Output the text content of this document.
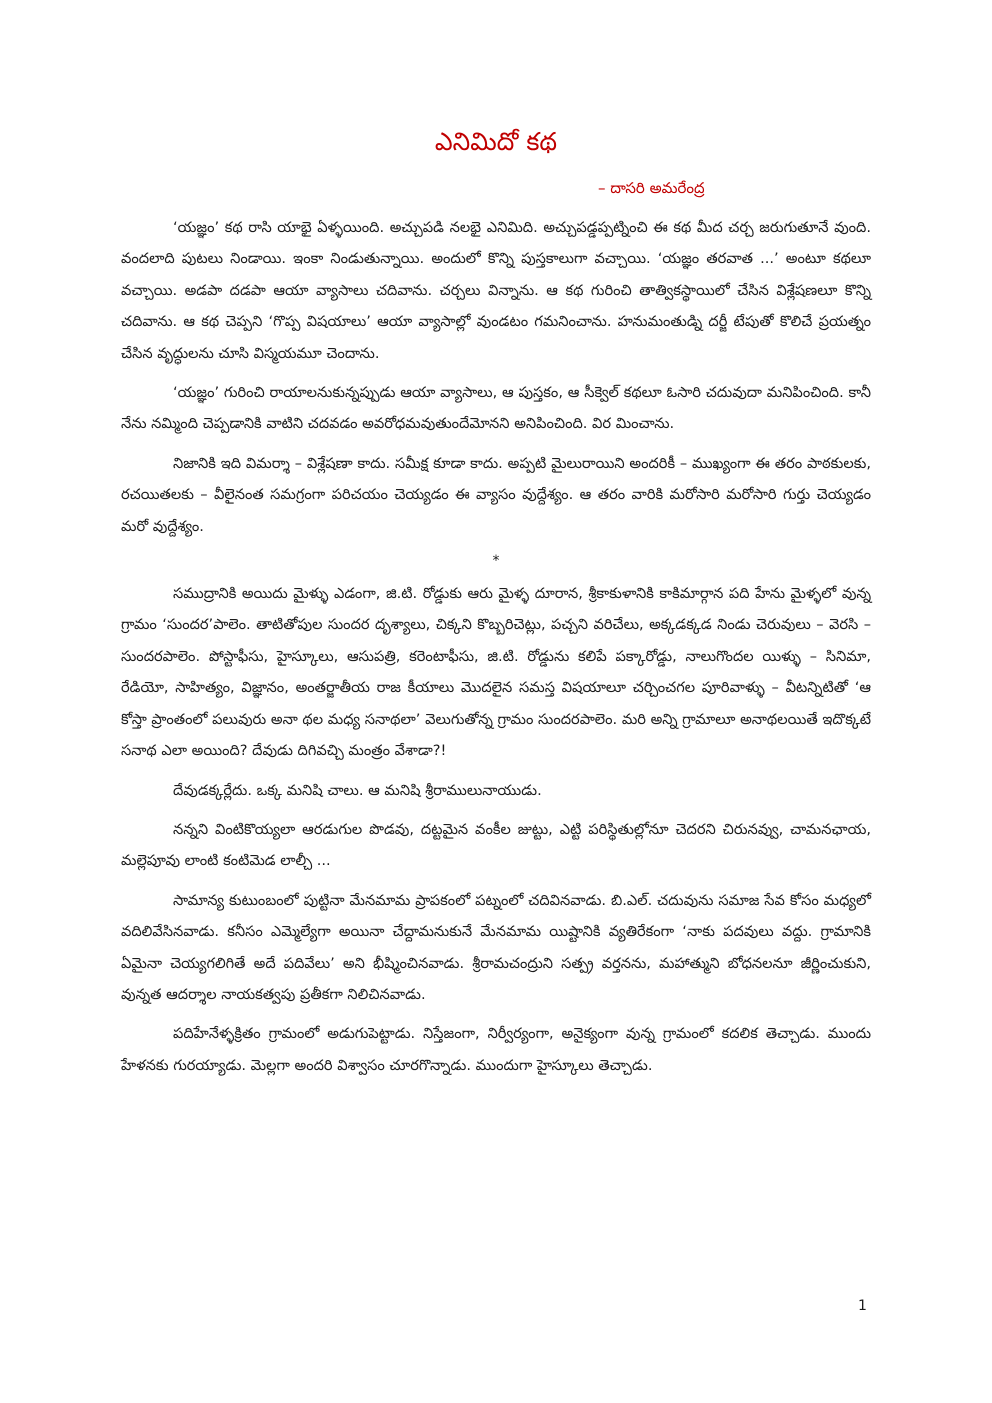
ఎనిమిదో కథ
– దాసరి అమరేంద్ర

‘యజ్ఞం’ కథ రాసి యాభై ఏళ్ళయింది. అచ్చుపడి నలభై ఎనిమిది. అచ్చుపడ్డప్పట్నించి ఈ కథ మీద చర్చ జరుగుతూనే వుంది. వందలాది పుటలు నిండాయి. ఇంకా నిండుతున్నాయి. అందులో కొన్ని పుస్తకాలుగా వచ్చాయి. ‘యజ్ఞం తరవాత ...’ అంటూ కథలూ వచ్చాయి. అడపా దడపా ఆయా వ్యాసాలు చదివాను. చర్చలు విన్నాను. ఆ కథ గురించి తాత్వికస్థాయిలో చేసిన విశ్లేషణలూ కొన్ని చదివాను. ఆ కథ చెప్పని ‘గొప్ప విషయాలు’ ఆయా వ్యాసాల్లో వుండటం గమనించాను. హనుమంతుడ్ని దర్జీ టేపుతో కొలిచే ప్రయత్నం చేసిన వృద్ధులను చూసి విస్మయమూ చెందాను.

‘యజ్ఞం’ గురించి రాయాలనుకున్నప్పుడు ఆయా వ్యాసాలు, ఆ పుస్తకం, ఆ సీక్వెల్ కథలూ ఓసారి చదువుదా మనిపించింది. కానీ నేను నమ్మింది చెప్పడానికి వాటిని చదవడం అవరోధమవుతుందేమోనని అనిపించింది. విర మించాను.

నిజానికి ఇది విమర్శా – విశ్లేషణా కాదు. సమీక్ష కూడా కాదు. అప్పటి మైలురాయిని అందరికీ – ముఖ్యంగా ఈ తరం పాఠకులకు, రచయితలకు – వీలైనంత సమగ్రంగా పరిచయం చెయ్యడం ఈ వ్యాసం వుద్దేశ్యం. ఆ తరం వారికి మరోసారి మరోసారి గుర్తు చెయ్యడం మరో వుద్దేశ్యం.

*

సముద్రానికి అయిదు మైళ్ళు ఎడంగా, జి.టి. రోడ్డుకు ఆరు మైళ్ళ దూరాన, శ్రీకాకుళానికి కాకిమార్గాన పది హేను మైళ్ళలో వున్న గ్రామం ‘సుందర’పాలెం. తాటితోపుల సుందర దృశ్యాలు, చిక్కని కొబ్బరిచెట్లు, పచ్చని వరిచేలు, అక్కడక్కడ నిండు చెరువులు – వెరసి – సుందరపాలెం. పోస్టాఫీసు, హైస్కూలు, ఆసుపత్రి, కరెంటాఫీసు, జి.టి. రోడ్డును కలిపే పక్కారోడ్డు, నాలుగొందల యిళ్ళు – సినిమా, రేడియో, సాహిత్యం, విజ్ఞానం, అంతర్జాతీయ రాజ కీయాలు మొదలైన సమస్త విషయాలూ చర్చించగల పూరివాళ్ళు – వీటన్నిటితో ‘ఆ కోస్తా ప్రాంతంలో పలువురు అనా థల మధ్య సనాథలా’ వెలుగుతోన్న గ్రామం సుందరపాలెం. మరి అన్ని గ్రామాలూ అనాథలయితే ఇదొక్కటే సనాథ ఎలా అయింది? దేవుడు దిగివచ్చి మంత్రం వేశాడా?!

దేవుడక్కర్లేదు. ఒక్క మనిషి చాలు. ఆ మనిషి శ్రీరాములునాయుడు.

నన్నని వింటికొయ్యలా ఆరడుగుల పొడవు, దట్టమైన వంకీల జుట్టు, ఎట్టి పరిస్థితుల్లోనూ చెదరని చిరునవ్వు, చామనఛాయ, మల్లెపూవు లాంటి కంటిమెడ లాల్చీ ...

సామాన్య కుటుంబంలో పుట్టినా మేనమామ ప్రాపకంలో పట్నంలో చదివినవాడు. బి.ఎల్. చదువును సమాజ సేవ కోసం మధ్యలో వదిలివేసినవాడు. కనీసం ఎమ్మెల్యేగా అయినా చేద్దామనుకునే మేనమామ యిష్టానికి వ్యతిరేకంగా ‘నాకు పదవులు వద్దు. గ్రామానికి ఏమైనా చెయ్యగలిగితే అదే పదివేలు’ అని భీష్మించినవాడు. శ్రీరామచంద్రుని సత్ప్ర వర్తనను, మహాత్ముని బోధనలనూ జీర్ణించుకుని, వున్నత ఆదర్శాల నాయకత్వపు ప్రతీకగా నిలిచినవాడు.

పదిహేనేళ్ళక్రితం గ్రామంలో అడుగుపెట్టాడు. నిస్తేజంగా, నిర్వీర్యంగా, అనైక్యంగా వున్న గ్రామంలో కదలిక తెచ్చాడు. ముందు హేళనకు గురయ్యాడు. మెల్లగా అందరి విశ్వాసం చూరగొన్నాడు. ముందుగా హైస్కూలు తెచ్చాడు.

1
